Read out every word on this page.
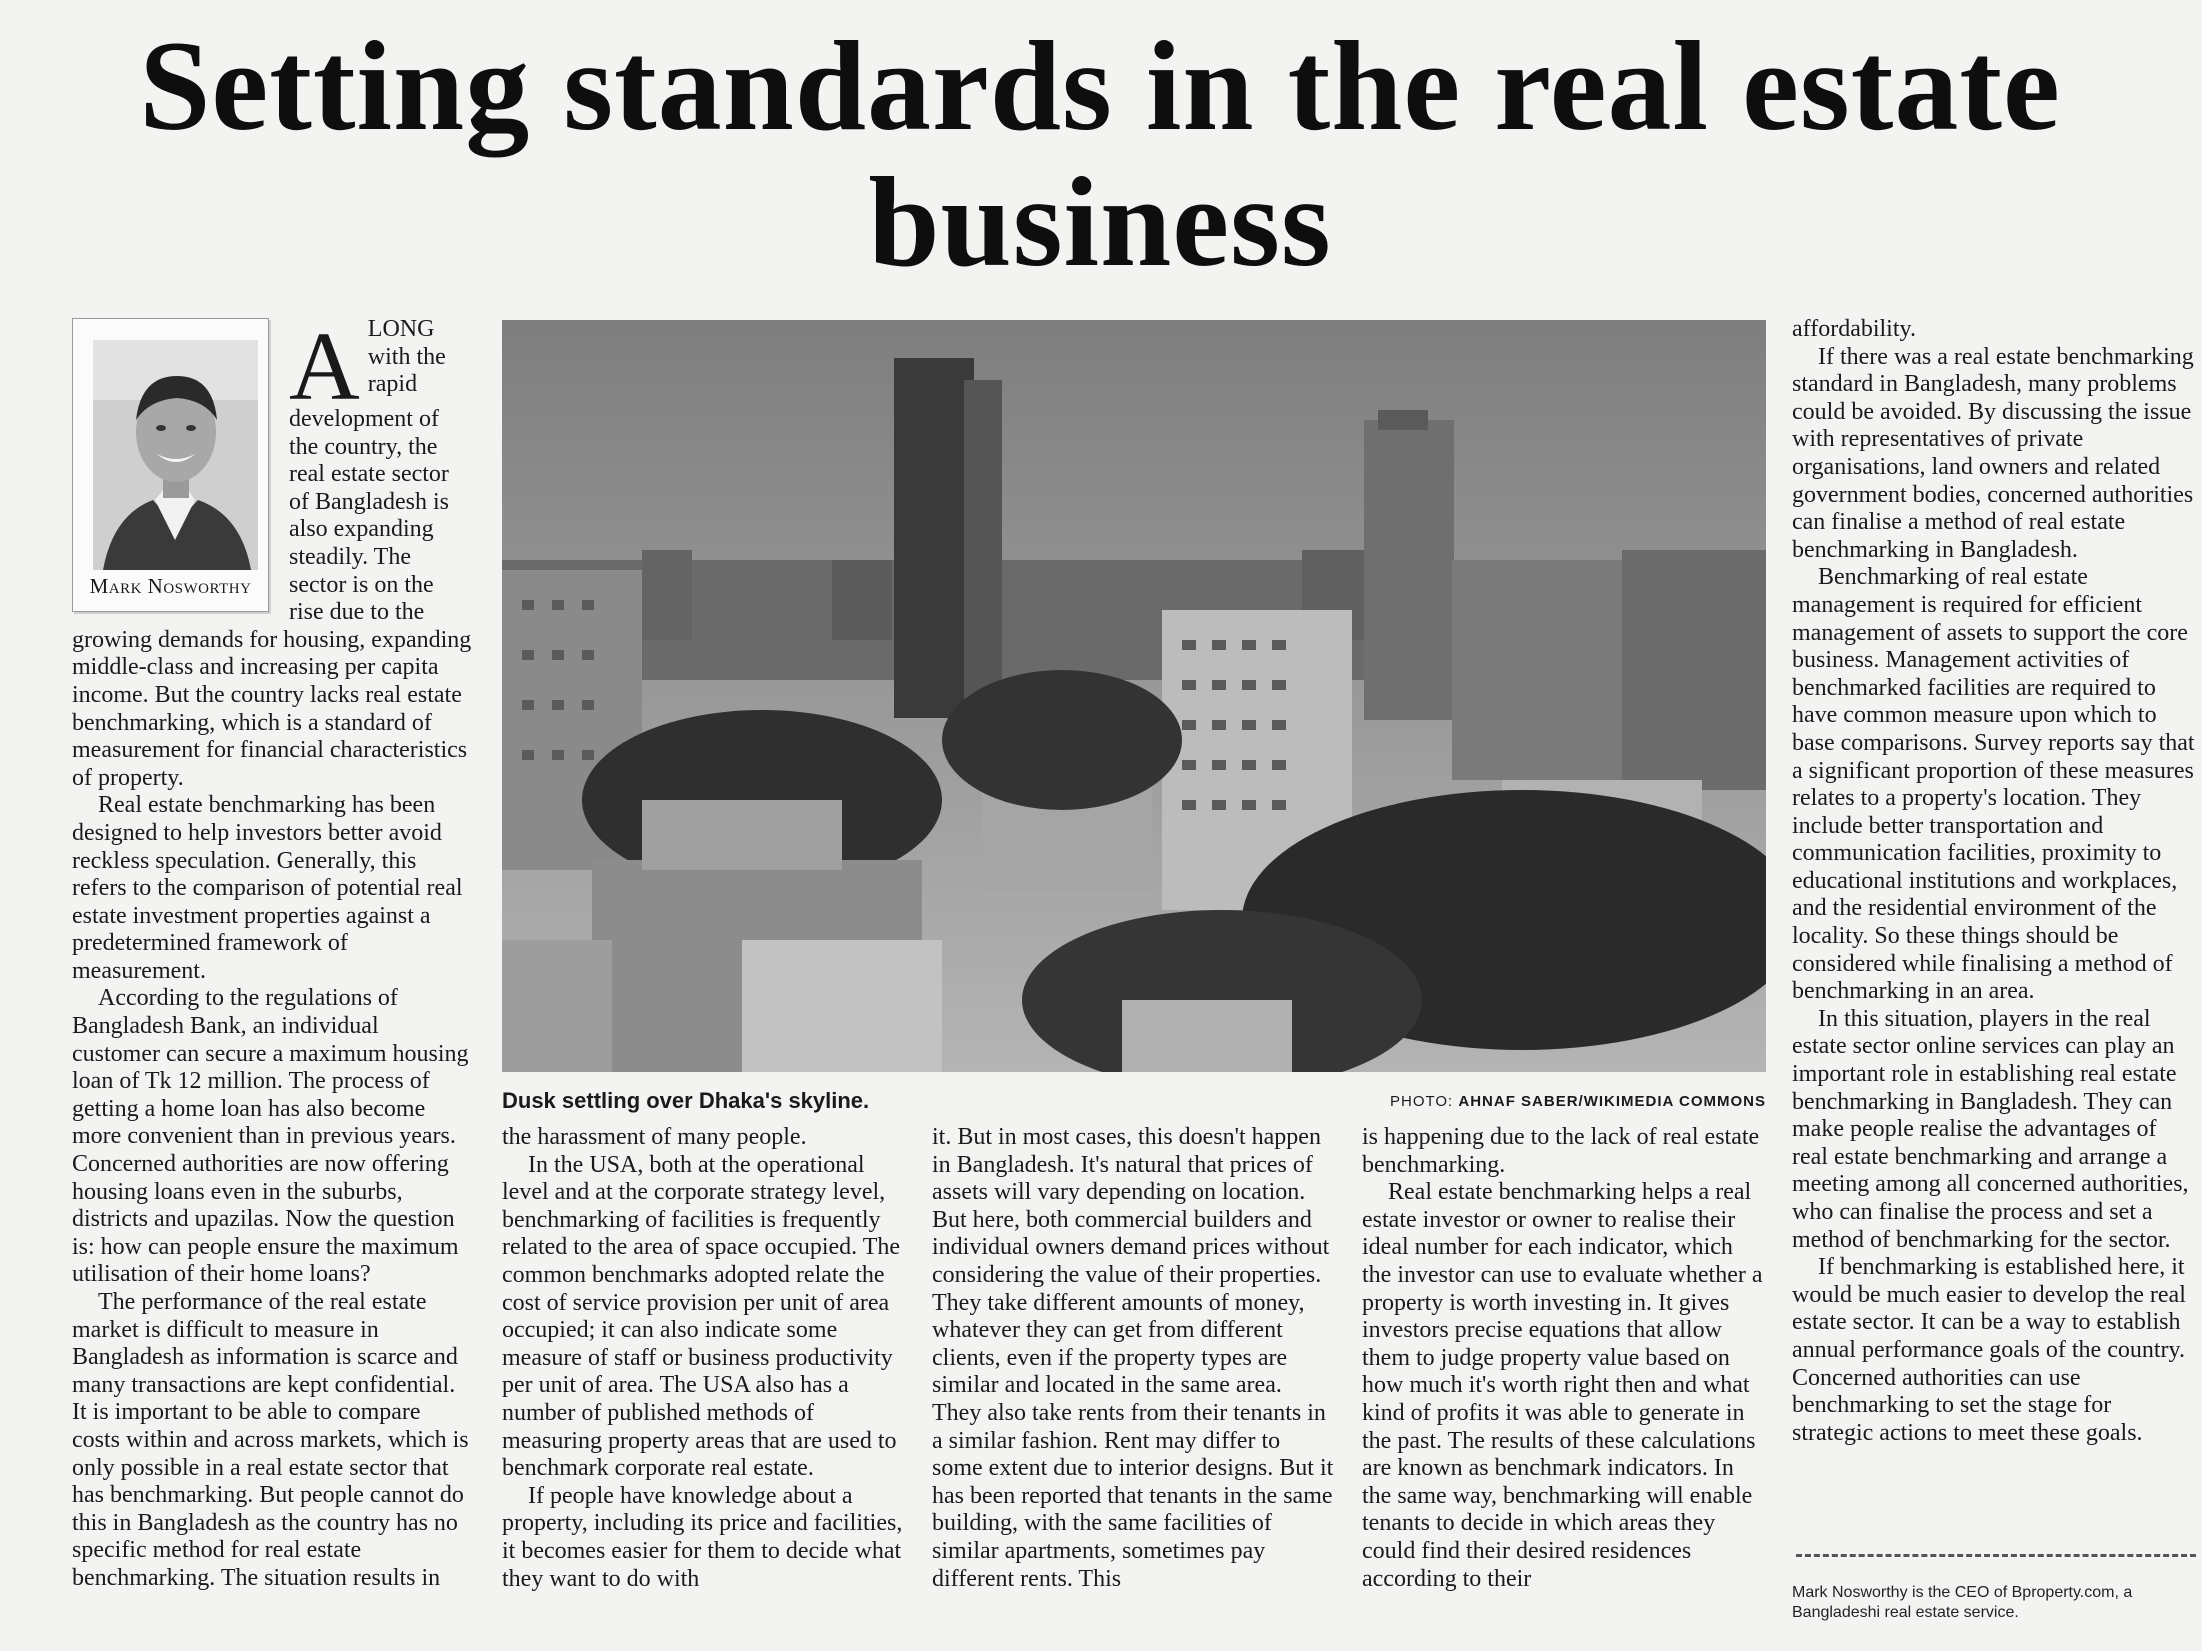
Setting standards in the real estate business
Mark Nosworthy

ALONG with the rapid development of the country, the real estate sector of Bangladesh is also expanding steadily. The sector is on the rise due to the growing demands for housing, expanding middle-class and increasing per capita income. But the country lacks real estate benchmarking, which is a standard of measurement for financial characteristics of property.

Real estate benchmarking has been designed to help investors better avoid reckless speculation. Generally, this refers to the comparison of potential real estate investment properties against a predetermined framework of measurement.

According to the regulations of Bangladesh Bank, an individual customer can secure a maximum housing loan of Tk 12 million. The process of getting a home loan has also become more convenient than in previous years. Concerned authorities are now offering housing loans even in the suburbs, districts and upazilas. Now the question is: how can people ensure the maximum utilisation of their home loans?

The performance of the real estate market is difficult to measure in Bangladesh as information is scarce and many transactions are kept confidential. It is important to be able to compare costs within and across markets, which is only possible in a real estate sector that has benchmarking. But people cannot do this in Bangladesh as the country has no specific method for real estate benchmarking. The situation results in

Dusk settling over Dhaka's skyline.	PHOTO: AHNAF SABER/WIKIMEDIA COMMONS

the harassment of many people.

In the USA, both at the operational level and at the corporate strategy level, benchmarking of facilities is frequently related to the area of space occupied. The common benchmarks adopted relate the cost of service provision per unit of area occupied; it can also indicate some measure of staff or business productivity per unit of area. The USA also has a number of published methods of measuring property areas that are used to benchmark corporate real estate.

If people have knowledge about a property, including its price and facilities, it becomes easier for them to decide what they want to do with

it. But in most cases, this doesn't happen in Bangladesh. It's natural that prices of assets will vary depending on location. But here, both commercial builders and individual owners demand prices without considering the value of their properties. They take different amounts of money, whatever they can get from different clients, even if the property types are similar and located in the same area. They also take rents from their tenants in a similar fashion. Rent may differ to some extent due to interior designs. But it has been reported that tenants in the same building, with the same facilities of similar apartments, sometimes pay different rents. This

is happening due to the lack of real estate benchmarking.

Real estate benchmarking helps a real estate investor or owner to realise their ideal number for each indicator, which the investor can use to evaluate whether a property is worth investing in. It gives investors precise equations that allow them to judge property value based on how much it's worth right then and what kind of profits it was able to generate in the past. The results of these calculations are known as benchmark indicators. In the same way, benchmarking will enable tenants to decide in which areas they could find their desired residences according to their

affordability.

If there was a real estate benchmarking standard in Bangladesh, many problems could be avoided. By discussing the issue with representatives of private organisations, land owners and related government bodies, concerned authorities can finalise a method of real estate benchmarking in Bangladesh.

Benchmarking of real estate management is required for efficient management of assets to support the core business. Management activities of benchmarked facilities are required to have common measure upon which to base comparisons. Survey reports say that a significant proportion of these measures relates to a property's location. They include better transportation and communication facilities, proximity to educational institutions and workplaces, and the residential environment of the locality. So these things should be considered while finalising a method of benchmarking in an area.

In this situation, players in the real estate sector online services can play an important role in establishing real estate benchmarking in Bangladesh. They can make people realise the advantages of real estate benchmarking and arrange a meeting among all concerned authorities, who can finalise the process and set a method of benchmarking for the sector.

If benchmarking is established here, it would be much easier to develop the real estate sector. It can be a way to establish annual performance goals of the country. Concerned authorities can use benchmarking to set the stage for strategic actions to meet these goals.

Mark Nosworthy is the CEO of Bproperty.com, a Bangladeshi real estate service.
